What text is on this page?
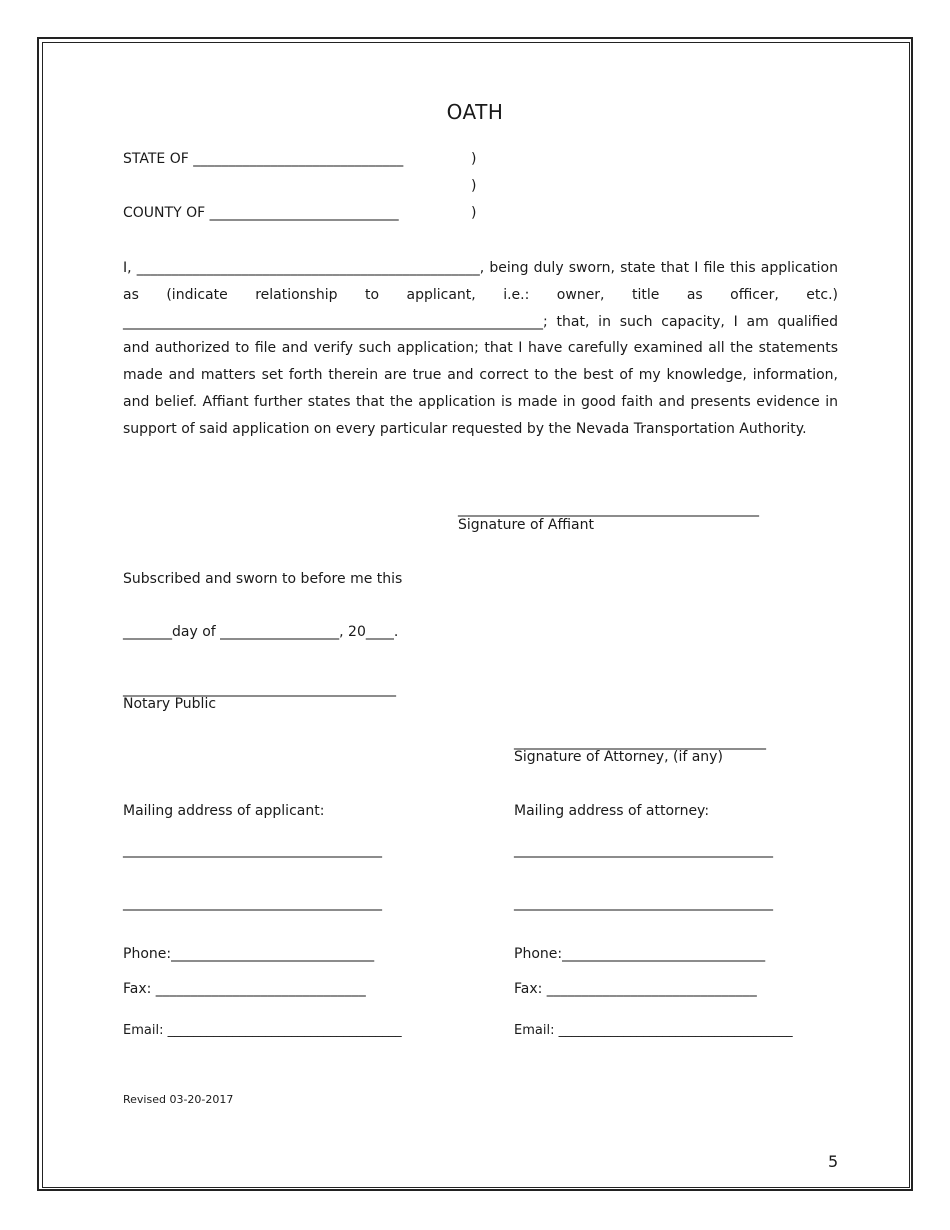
OATH
STATE OF ______________________________	)
)
COUNTY OF ___________________________	)
I, _________________________________________________, being duly sworn, state that I file this application as (indicate relationship to applicant, i.e.: owner, title as officer, etc.) ____________________________________________________________; that, in such capacity, I am qualified and authorized to file and verify such application; that I have carefully examined all the statements made and matters set forth therein are true and correct to the best of my knowledge, information, and belief. Affiant further states that the application is made in good faith and presents evidence in support of said application on every particular requested by the Nevada Transportation Authority.
___________________________________________
Signature of Affiant
Subscribed and sworn to before me this
_______day of _________________, 20____.
_______________________________________
Notary Public
____________________________________
Signature of Attorney, (if any)
Mailing address of applicant:
_____________________________________
_____________________________________
Phone:_____________________________
Fax: ______________________________
Email: ____________________________________
Mailing address of attorney:
_____________________________________
_____________________________________
Phone:_____________________________
Fax: ______________________________
Email: ____________________________________
Revised 03-20-2017
5
